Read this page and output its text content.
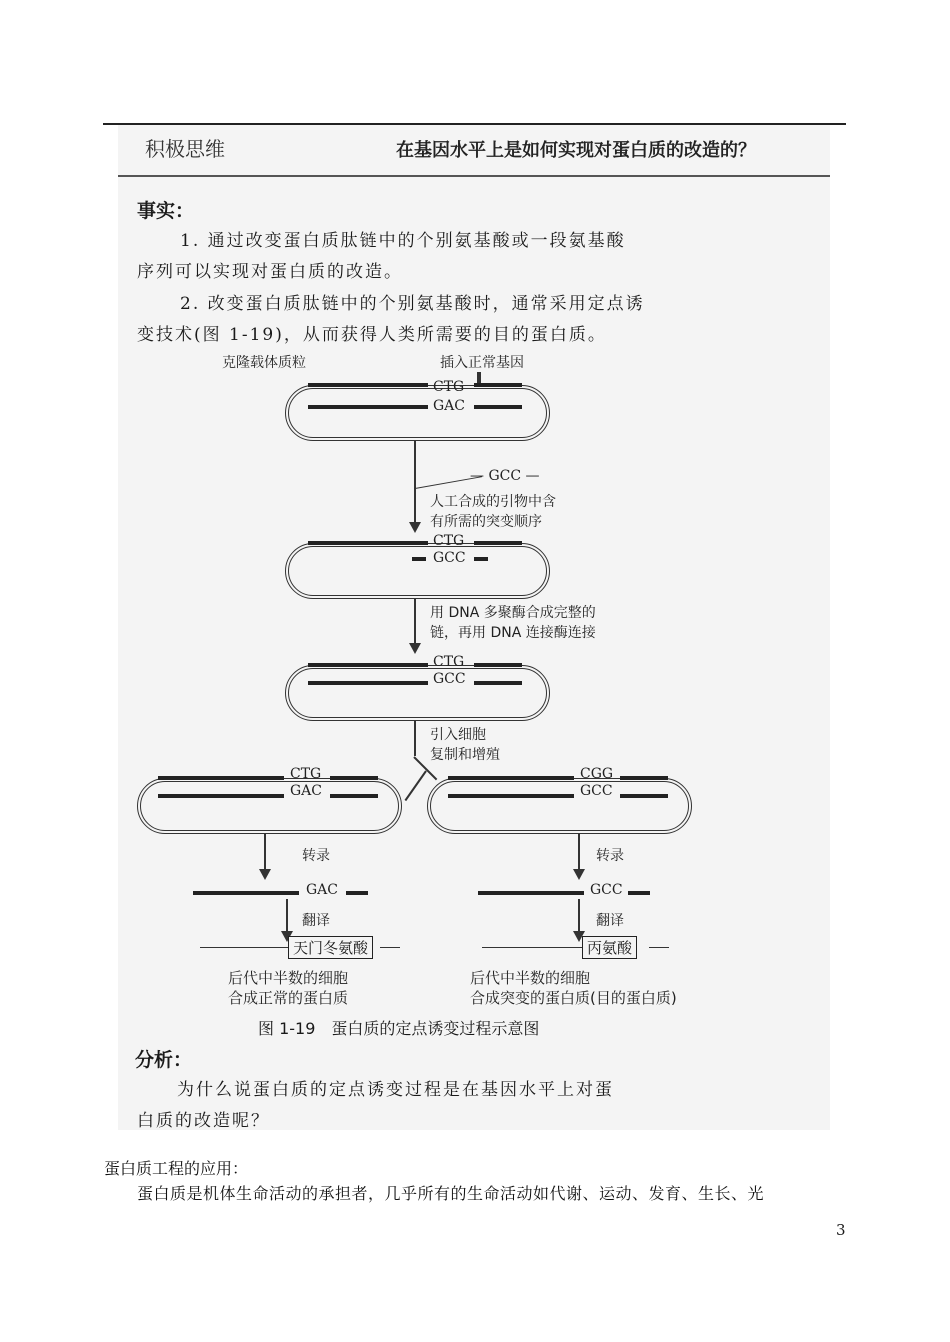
积极思维	在基因水平上是如何实现对蛋白质的改造的？
事实：
1. 通过改变蛋白质肽链中的个别氨基酸或一段氨基酸
序列可以实现对蛋白质的改造。
2. 改变蛋白质肽链中的个别氨基酸时，通常采用定点诱
变技术(图 1-19)，从而获得人类所需要的目的蛋白质。
克隆载体质粒	插入正常基因
CTG
GAC
— GCC —
人工合成的引物中含
有所需的突变顺序
CTG
GCC
用 DNA 多聚酶合成完整的
链，再用 DNA 连接酶连接
CTG
GCC
引入细胞
复制和增殖
CTG
GAC
CGG
GCC
转录	转录
GAC	GCC
翻译	翻译
天门冬氨酸	丙氨酸
后代中半数的细胞
合成正常的蛋白质
后代中半数的细胞
合成突变的蛋白质(目的蛋白质)
图 1-19　蛋白质的定点诱变过程示意图
分析：
为什么说蛋白质的定点诱变过程是在基因水平上对蛋
白质的改造呢？
蛋白质工程的应用：
蛋白质是机体生命活动的承担者，几乎所有的生命活动如代谢、运动、发育、生长、光
3
